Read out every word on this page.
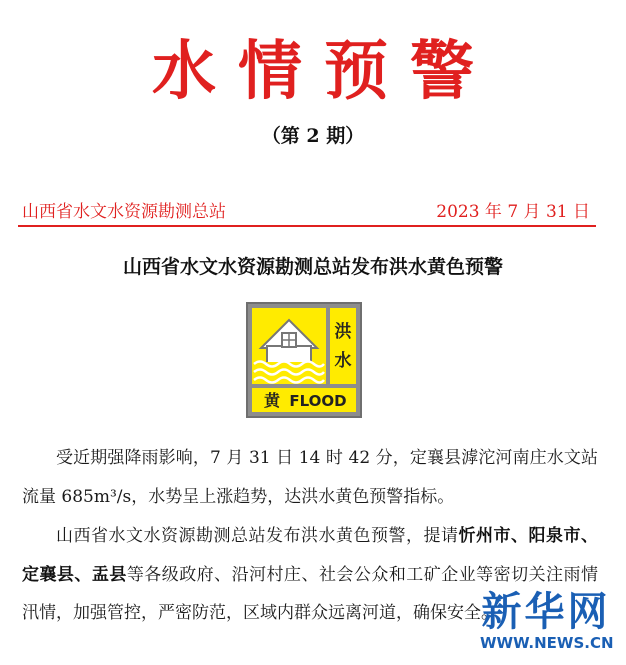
水情预警
（第 2 期）
山西省水文水资源勘测总站	2023 年 7 月 31 日
山西省水文水资源勘测总站发布洪水黄色预警
洪
水
黄 FLOOD

受近期强降雨影响，7 月 31 日 14 时 42 分，定襄县滹沱河南庄水文站流量 685m³/s，水势呈上涨趋势，达洪水黄色预警指标。

山西省水文水资源勘测总站发布洪水黄色预警，提请忻州市、阳泉市、定襄县、盂县等各级政府、沿河村庄、社会公众和工矿企业等密切关注雨情汛情，加强管控，严密防范，区域内群众远离河道，确保安全。

新华网
WWW.NEWS.CN
